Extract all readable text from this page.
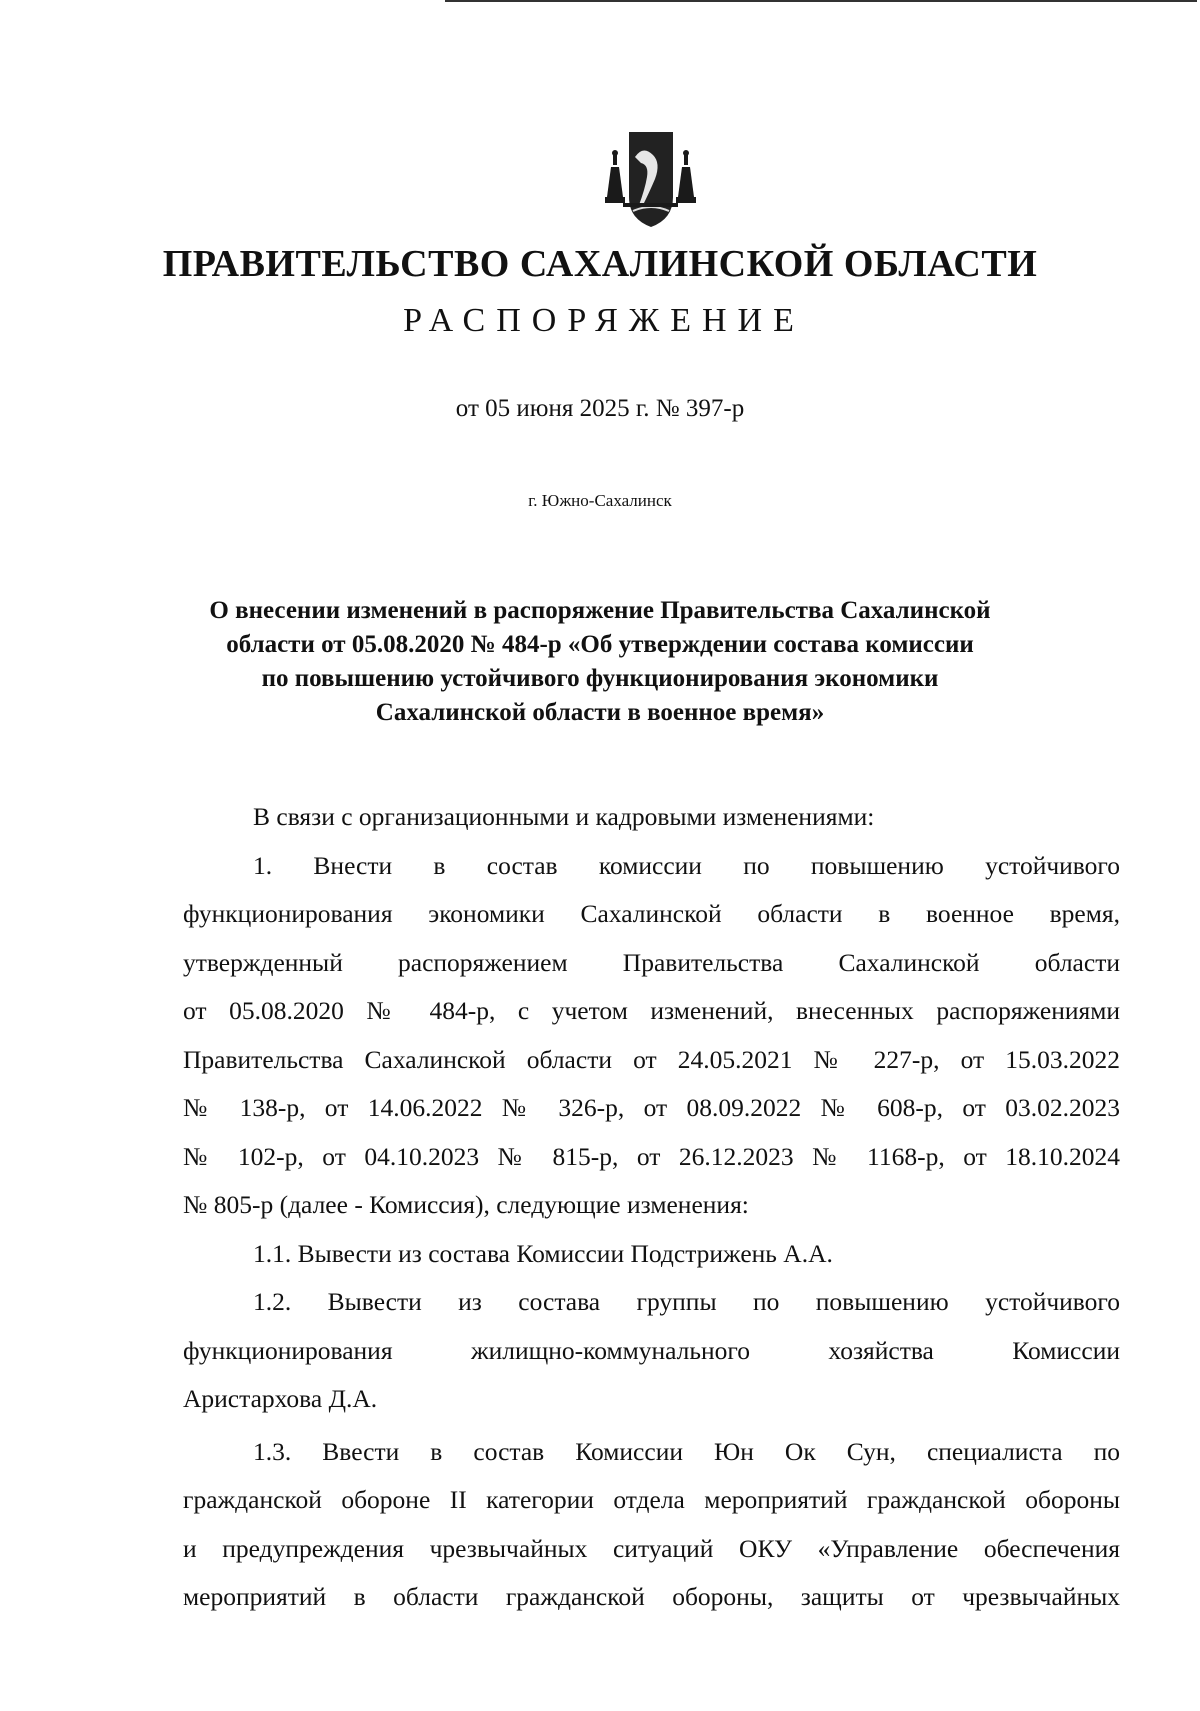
ПРАВИТЕЛЬСТВО САХАЛИНСКОЙ ОБЛАСТИ
РАСПОРЯЖЕНИЕ
от 05 июня 2025 г. № 397-р
г. Южно-Сахалинск
О внесении изменений в распоряжение Правительства Сахалинской
области от 05.08.2020 № 484-р «Об утверждении состава комиссии
по повышению устойчивого функционирования экономики
Сахалинской области в военное время»
В связи с организационными и кадровыми изменениями:
1. Внести в состав комиссии по повышению устойчивого
функционирования экономики Сахалинской области в военное время,
утвержденный распоряжением Правительства Сахалинской области
от 05.08.2020 № 484-р, с учетом изменений, внесенных распоряжениями
Правительства Сахалинской области от 24.05.2021 № 227-р, от 15.03.2022
№ 138-р, от 14.06.2022 № 326-р, от 08.09.2022 № 608-р, от 03.02.2023
№ 102-р, от 04.10.2023 № 815-р, от 26.12.2023 № 1168-р, от 18.10.2024
№ 805-р (далее - Комиссия), следующие изменения:
1.1. Вывести из состава Комиссии Подстрижень А.А.
1.2. Вывести из состава группы по повышению устойчивого
функционирования жилищно-коммунального хозяйства Комиссии
Аристархова Д.А.
1.3. Ввести в состав Комиссии Юн Ок Сун, специалиста по
гражданской обороне II категории отдела мероприятий гражданской обороны
и предупреждения чрезвычайных ситуаций ОКУ «Управление обеспечения
мероприятий в области гражданской обороны, защиты от чрезвычайных
